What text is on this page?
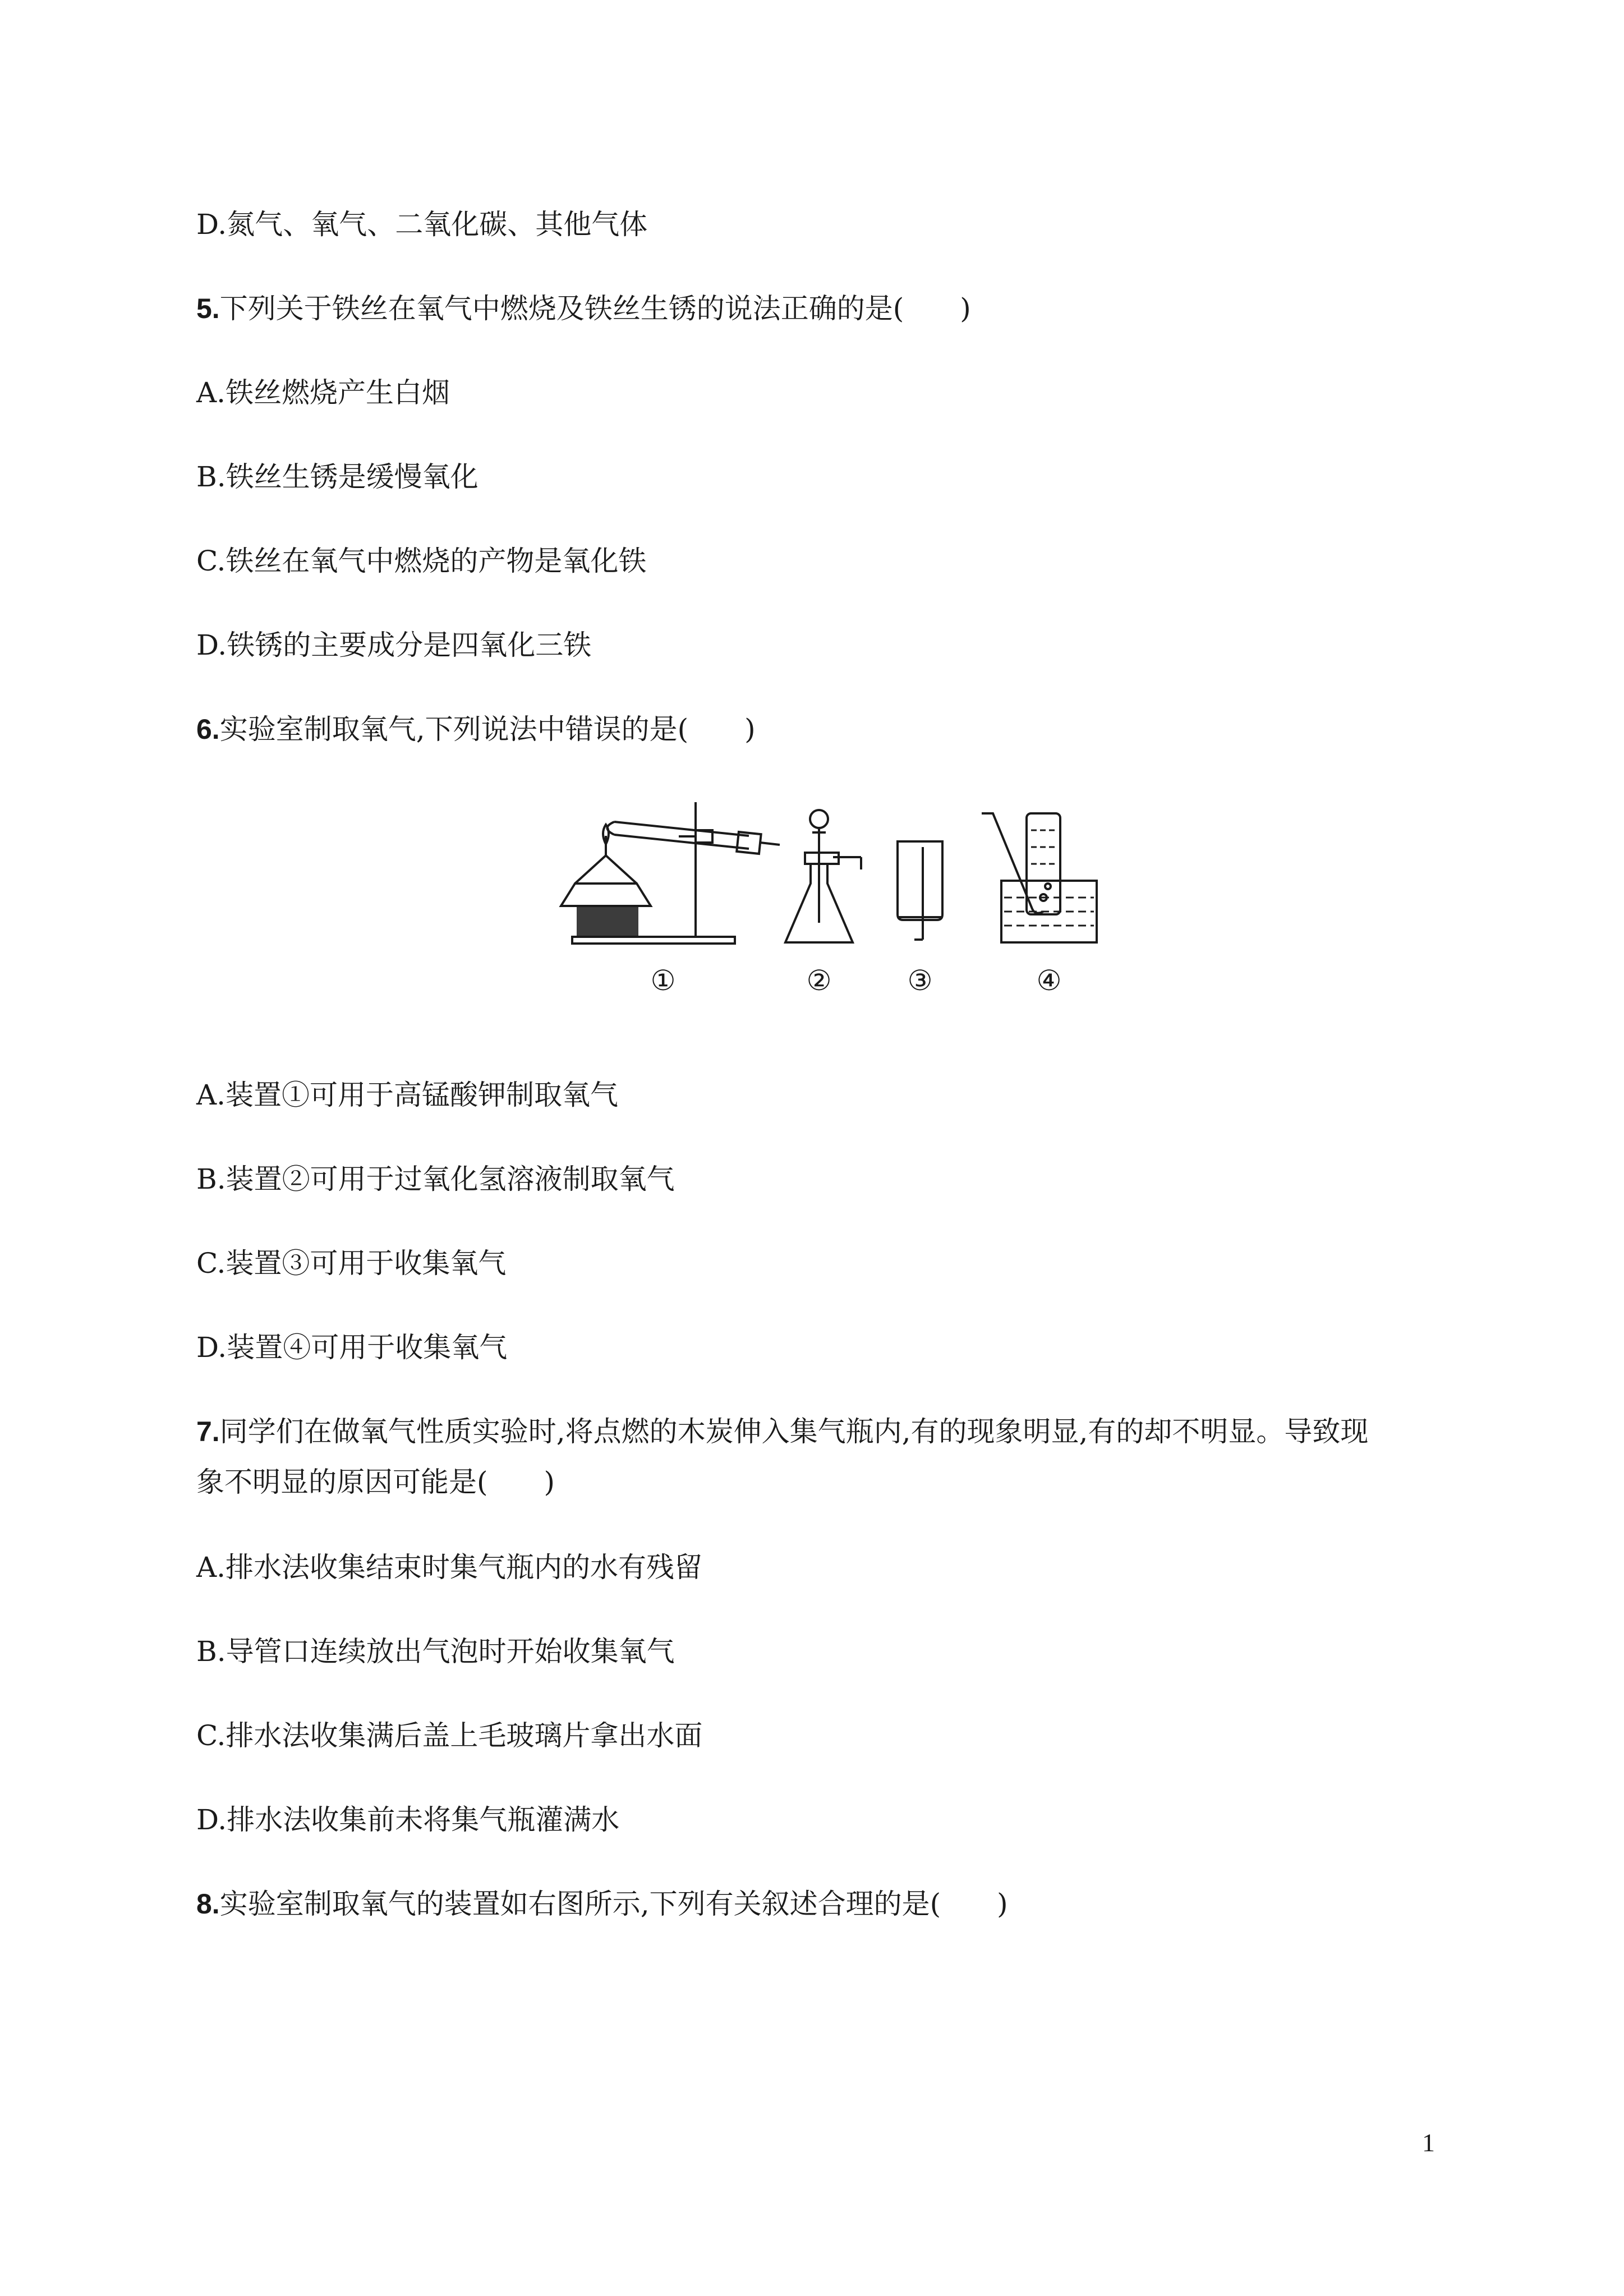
D.氮气、氧气、二氧化碳、其他气体
5.下列关于铁丝在氧气中燃烧及铁丝生锈的说法正确的是(　　)
A.铁丝燃烧产生白烟
B.铁丝生锈是缓慢氧化
C.铁丝在氧气中燃烧的产物是氧化铁
D.铁锈的主要成分是四氧化三铁
6.实验室制取氧气,下列说法中错误的是(　　)
①	②	③	④
A.装置①可用于高锰酸钾制取氧气
B.装置②可用于过氧化氢溶液制取氧气
C.装置③可用于收集氧气
D.装置④可用于收集氧气
7.同学们在做氧气性质实验时,将点燃的木炭伸入集气瓶内,有的现象明显,有的却不明显。导致现
象不明显的原因可能是(　　)
A.排水法收集结束时集气瓶内的水有残留
B.导管口连续放出气泡时开始收集氧气
C.排水法收集满后盖上毛玻璃片拿出水面
D.排水法收集前未将集气瓶灌满水
8.实验室制取氧气的装置如右图所示,下列有关叙述合理的是(　　)
1
